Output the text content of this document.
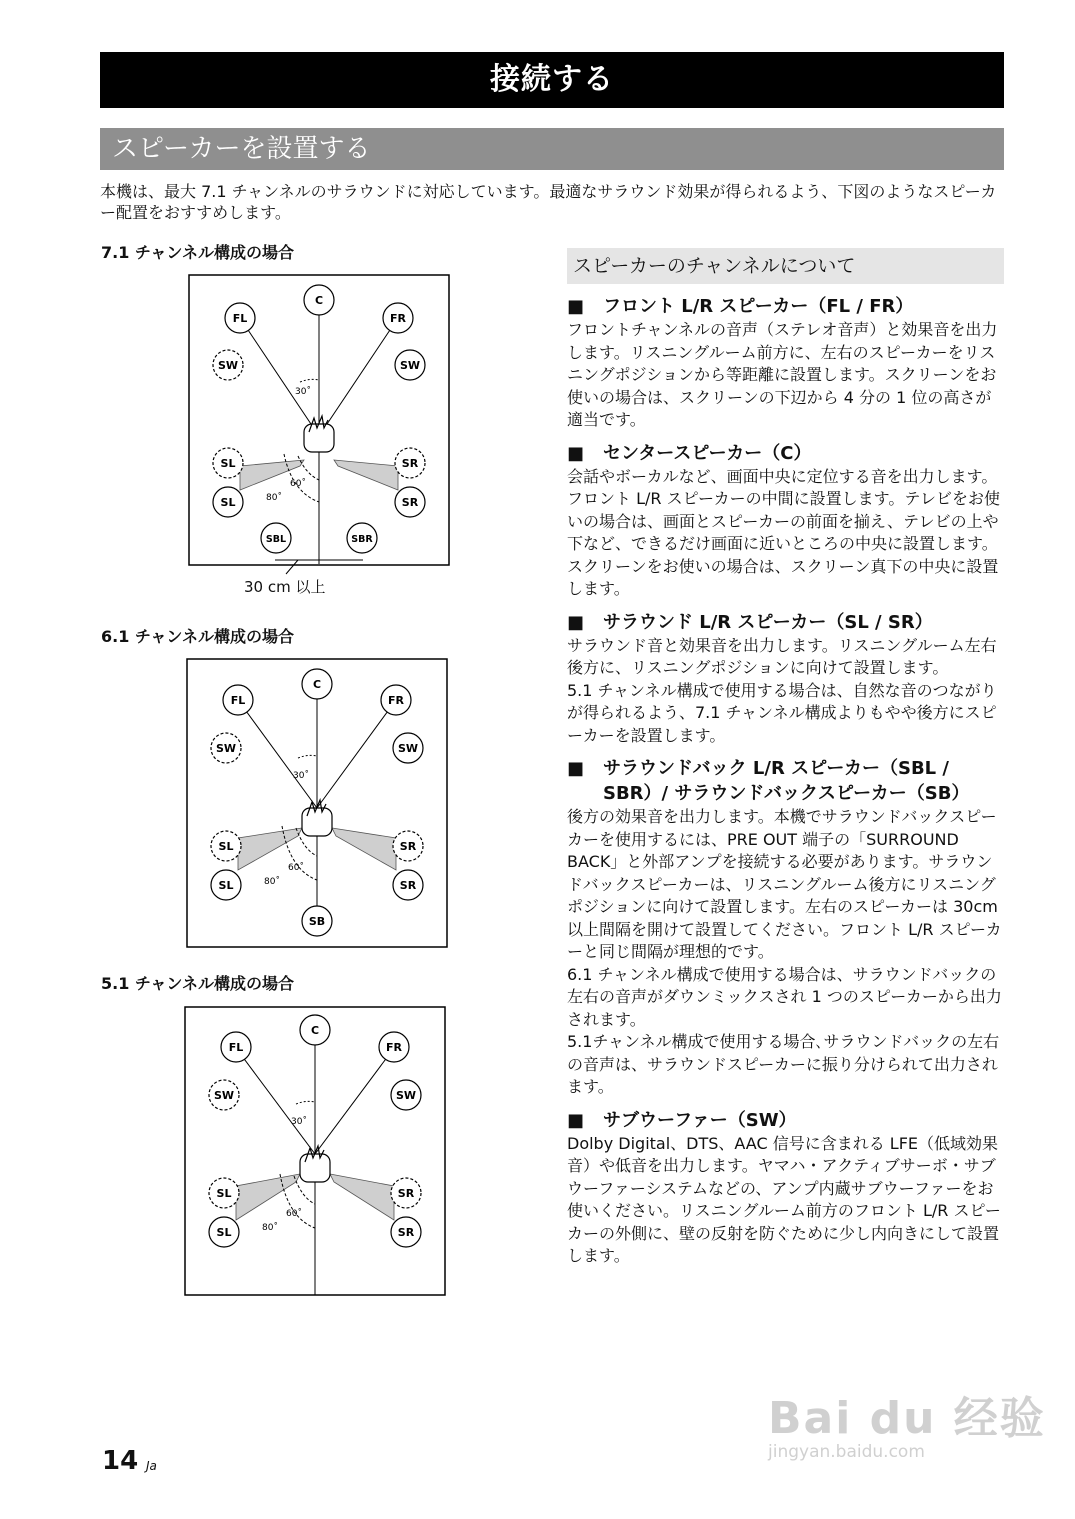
接続する
スピーカーを設置する
本機は、最大 7.1 チャンネルのサラウンドに対応しています。最適なサラウンド効果が得られるよう、下図のようなスピーカー配置をおすすめします。
7.1 チャンネル構成の場合
C
FL	FR
SW	SW
SL	SR
SL	SR
SBL	SBR
30˚
60˚
80˚
30 cm 以上
6.1 チャンネル構成の場合
C
FL	FR
SW	SW
SL	SR
SL	SR
SB
30˚
60˚
80˚
5.1 チャンネル構成の場合
C
FL	FR
SW	SW
SL	SR
SL	SR
30˚
60˚
80˚
スピーカーのチャンネルについて
■ フロント L/R スピーカー（FL / FR）
フロントチャンネルの音声（ステレオ音声）と効果音を出力します。リスニングルーム前方に、左右のスピーカーをリスニングポジションから等距離に設置します。スクリーンをお使いの場合は、スクリーンの下辺から 4 分の 1 位の高さが適当です。
■ センタースピーカー（C）
会話やボーカルなど、画面中央に定位する音を出力します。フロント L/R スピーカーの中間に設置します。テレビをお使いの場合は、画面とスピーカーの前面を揃え、テレビの上や下など、できるだけ画面に近いところの中央に設置します。スクリーンをお使いの場合は、スクリーン真下の中央に設置します。
■ サラウンド L/R スピーカー（SL / SR）
サラウンド音と効果音を出力します。リスニングルーム左右後方に、リスニングポジションに向けて設置します。
5.1 チャンネル構成で使用する場合は、自然な音のつながりが得られるよう、7.1 チャンネル構成よりもやや後方にスピーカーを設置します。
■ サラウンドバック L/R スピーカー（SBL / SBR）/ サラウンドバックスピーカー（SB）
後方の効果音を出力します。本機でサラウンドバックスピーカーを使用するには、PRE OUT 端子の「SURROUND BACK」と外部アンプを接続する必要があります。サラウンドバックスピーカーは、リスニングルーム後方にリスニングポジションに向けて設置します。左右のスピーカーは 30cm 以上間隔を開けて設置してください。フロント L/R スピーカーと同じ間隔が理想的です。
6.1 チャンネル構成で使用する場合は、サラウンドバックの左右の音声がダウンミックスされ 1 つのスピーカーから出力されます。
5.1チャンネル構成で使用する場合､サラウンドバックの左右の音声は、サラウンドスピーカーに振り分けられて出力されます。
■ サブウーファー（SW）
Dolby Digital、DTS、AAC 信号に含まれる LFE（低域効果音）や低音を出力します。ヤマハ・アクティブサーボ・サブウーファーシステムなどの、アンプ内蔵サブウーファーをお使いください。リスニングルーム前方のフロント L/R スピーカーの外側に、壁の反射を防ぐために少し内向きにして設置します。
Bai du 经验
jingyan.baidu.com
14 Ja
